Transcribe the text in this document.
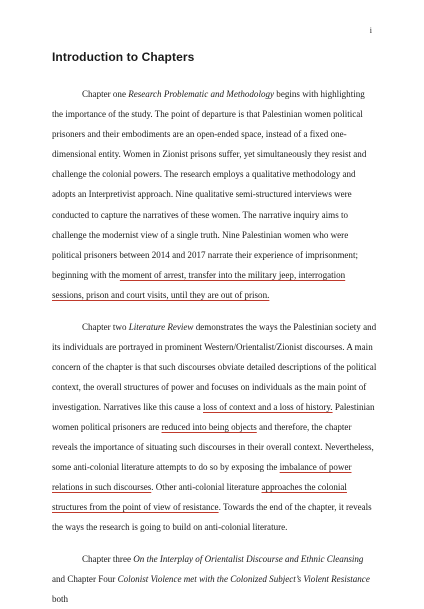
i
Introduction to Chapters

Chapter one Research Problematic and Methodology begins with highlighting the importance of the study. The point of departure is that Palestinian women political prisoners and their embodiments are an open-ended space, instead of a fixed one-dimensional entity. Women in Zionist prisons suffer, yet simultaneously they resist and challenge the colonial powers. The research employs a qualitative methodology and adopts an Interpretivist approach. Nine qualitative semi-structured interviews were conducted to capture the narratives of these women. The narrative inquiry aims to challenge the modernist view of a single truth. Nine Palestinian women who were political prisoners between 2014 and 2017 narrate their experience of imprisonment; beginning with the moment of arrest, transfer into the military jeep, interrogation sessions, prison and court visits, until they are out of prison.

Chapter two Literature Review demonstrates the ways the Palestinian society and its individuals are portrayed in prominent Western/Orientalist/Zionist discourses. A main concern of the chapter is that such discourses obviate detailed descriptions of the political context, the overall structures of power and focuses on individuals as the main point of investigation. Narratives like this cause a loss of context and a loss of history. Palestinian women political prisoners are reduced into being objects and therefore, the chapter reveals the importance of situating such discourses in their overall context. Nevertheless, some anti-colonial literature attempts to do so by exposing the imbalance of power relations in such discourses. Other anti-colonial literature approaches the colonial structures from the point of view of resistance. Towards the end of the chapter, it reveals the ways the research is going to build on anti-colonial literature.

Chapter three On the Interplay of Orientalist Discourse and Ethnic Cleansing and Chapter Four Colonist Violence met with the Colonized Subject’s Violent Resistance both
